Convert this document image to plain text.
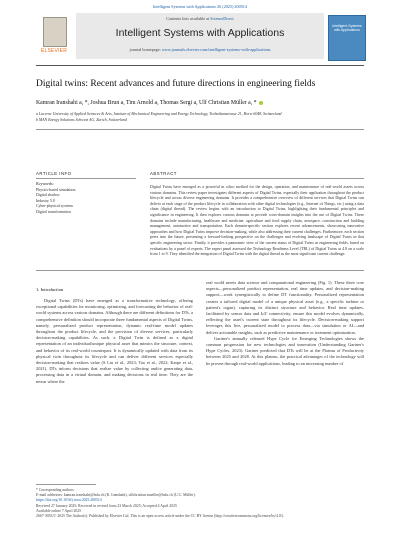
Intelligent Systems with Applications 26 (2025) 200514
ELSEVIER
Contents lists available at ScienceDirect
Intelligent Systems with Applications
journal homepage: www.journals.elsevier.com/intelligent-systems-with-applications
Intelligent Systems with Applications
Digital twins: Recent advances and future directions in engineering fields
Kamran Iranshahi a, *, Joshua Brun a, Tim Arnold a, Thomas Sergi a, Ulf Christian Müller a, *
a Lucerne University of Applied Sciences & Arts, Institute of Mechanical Engineering and Energy Technology, Technikumstrasse 21, Horw 6048, Switzerland
b MAN Energy Solutions Schweiz AG, Zurich, Switzerland
ARTICLE INFO	ABSTRACT
Keywords:
Physics-based simulation
Digital shadow
Industry 5.0
Cyber-physical systems
Digital transformation
Digital Twins have emerged as a powerful in silico method for the design, operation, and maintenance of real-world assets across various domains. This review paper investigates different aspects of Digital Twins, especially their application throughout the product lifecycle and across diverse engineering domains. It provides a comprehensive overview of different services that Digital Twins can deliver at each stage of the product lifecycle in collaboration with other digital technologies (e.g., Internet of Things, etc.) using a data chain (digital thread). The review begins with an introduction to Digital Twins, highlighting their fundamental principles and significance in engineering. It then explores various domains to provide cross-domain insights into the use of Digital Twins. These domains include manufacturing, healthcare and medicine, agriculture and food supply chain, aerospace, construction and building management, automotive and transportation. Each domain-specific section explores recent advancements, showcasing innovative approaches and how Digital Twins improve decision-making, while also addressing their current challenges. Furthermore, each section peers into the future, presenting a forward-looking perspective on the challenges and evolving landscape of Digital Twins in that specific engineering sector. Finally, it provides a panoramic view of the current status of Digital Twins in engineering fields, based on evaluations by a panel of experts. The expert panel assessed the Technology Readiness Level (TRL) of Digital Twins at 4.8 on a scale from 1 to 9. They identified the integration of Digital Twins with the digital thread as the most significant current challenge.
1. Introduction

Digital Twins (DTs) have emerged as a transformative technology, offering exceptional capabilities for monitoring, optimizing, and forecasting the behavior of real-world systems across various domains. Although there are different definitions for DTs, a comprehensive definition should incorporate three fundamental aspects of Digital Twins, namely, personalized product representation, dynamic real-time model updates throughout the product lifecycle, and the provision of diverse services, particularly decision-making capabilities. As such, a Digital Twin is defined as a digital representation of an individual/unique physical asset that mimics the structure, context, and behavior of its real-world counterpart. It is dynamically updated with data from its physical twin throughout its lifecycle and can deliver different services especially decision-making that realizes value (S Liu et al., 2023; Tao et al., 2022; Karpe et al., 2021). DTs inform decisions that realize value by collecting and/or generating data, processing data in a virtual domain, and making decisions in real time. They are the nexus where the

real world meets data science and computational engineering (Fig. 1). These three core aspects—personalized product representation, real time updates, and decision-making support—work synergistically to define DT functionality. Personalized representation creates a tailored digital model of a unique physical asset (e.g., a specific turbine or patient's organ), capturing its distinct structure and behavior. Real time updates, facilitated by sensor data and IoT connectivity, ensure this model evolves dynamically, reflecting the asset's current state throughout its lifecycle. Decision-making support leverages this live, personalized model to process data—via simulation or AI—and deliver actionable insights, such as predictive maintenance or treatment optimization.

Gartner's annually released Hype Cycle for Emerging Technologies shows the common progression for new technologies and innovation (Understanding Gartner's Hype Cycles, 2023). Gartner predicted that DTs will be at the Plateau of Productivity between 2025 and 2028. At this plateau, the practical advantages of the technology will be proven through real-world applications, leading to an increasing number of

* Corresponding authors.
E-mail addresses: kamran.iranshahi@hslu.ch (K. Iranshahi), ulfchristian.mueller@hslu.ch (U.C. Müller).
https://doi.org/10.1016/j.iswa.2025.200514
Received 27 January 2025; Received in revised form 23 March 2025; Accepted 4 April 2025
Available online 7 April 2025
2667-3053/© 2025 The Author(s). Published by Elsevier Ltd. This is an open access article under the CC BY license (http://creativecommons.org/licenses/by/4.0/).
